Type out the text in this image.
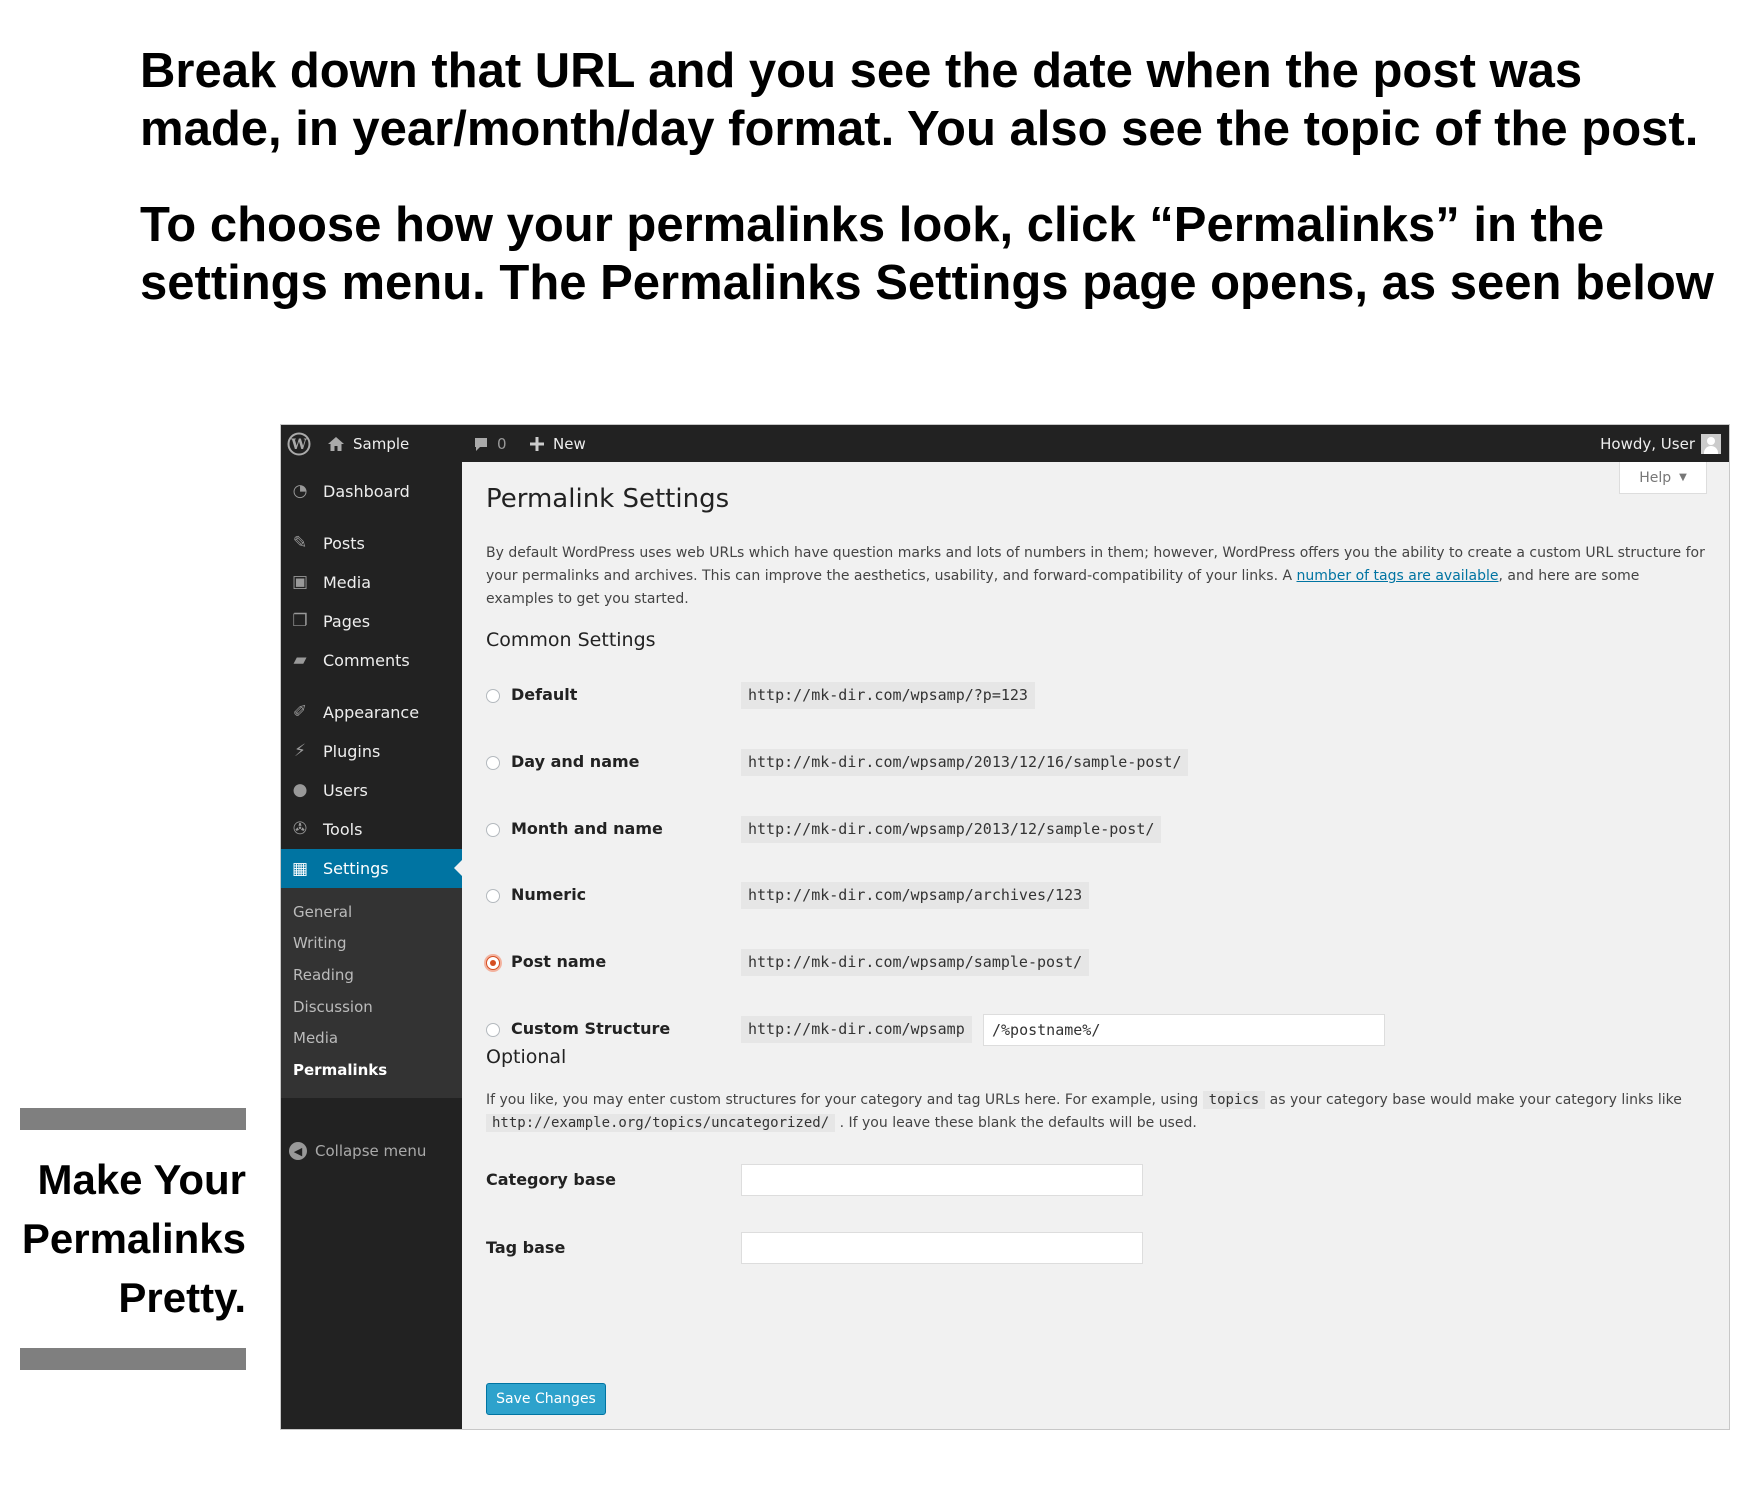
Break down that URL and you see the date when the post was made, in year/month/day format. You also see the topic of the post.
To choose how your permalinks look, click “Permalinks” in the settings menu. The Permalinks Settings page opens, as seen below
Make Your
Permalinks
Pretty.
W	Sample	0	New	Howdy, User
◔ Dashboard
✎ Posts
▣ Media
❐ Pages
▰ Comments
✐ Appearance
⚡	Plugins
● Users
✇ Tools
▦ Settings
General
Writing
Reading
Discussion
Media
Permalinks
◀ Collapse menu
Help ▼
Permalink Settings

By default WordPress uses web URLs which have question marks and lots of numbers in them; however, WordPress offers you the ability to create a custom URL structure for your permalinks and archives. This can improve the aesthetics, usability, and forward-compatibility of your links. A number of tags are available, and here are some examples to get you started.

Common Settings
Default	http://mk-dir.com/wpsamp/?p=123
Day and name	http://mk-dir.com/wpsamp/2013/12/16/sample-post/
Month and name	http://mk-dir.com/wpsamp/2013/12/sample-post/
Numeric	http://mk-dir.com/wpsamp/archives/123
Post name	http://mk-dir.com/wpsamp/sample-post/
Custom Structure	http://mk-dir.com/wpsamp	/%postname%/
Optional

If you like, you may enter custom structures for your category and tag URLs here. For example, using topics as your category base would make your category links like
http://example.org/topics/uncategorized/ . If you leave these blank the defaults will be used.

Category base
Tag base
Save Changes
